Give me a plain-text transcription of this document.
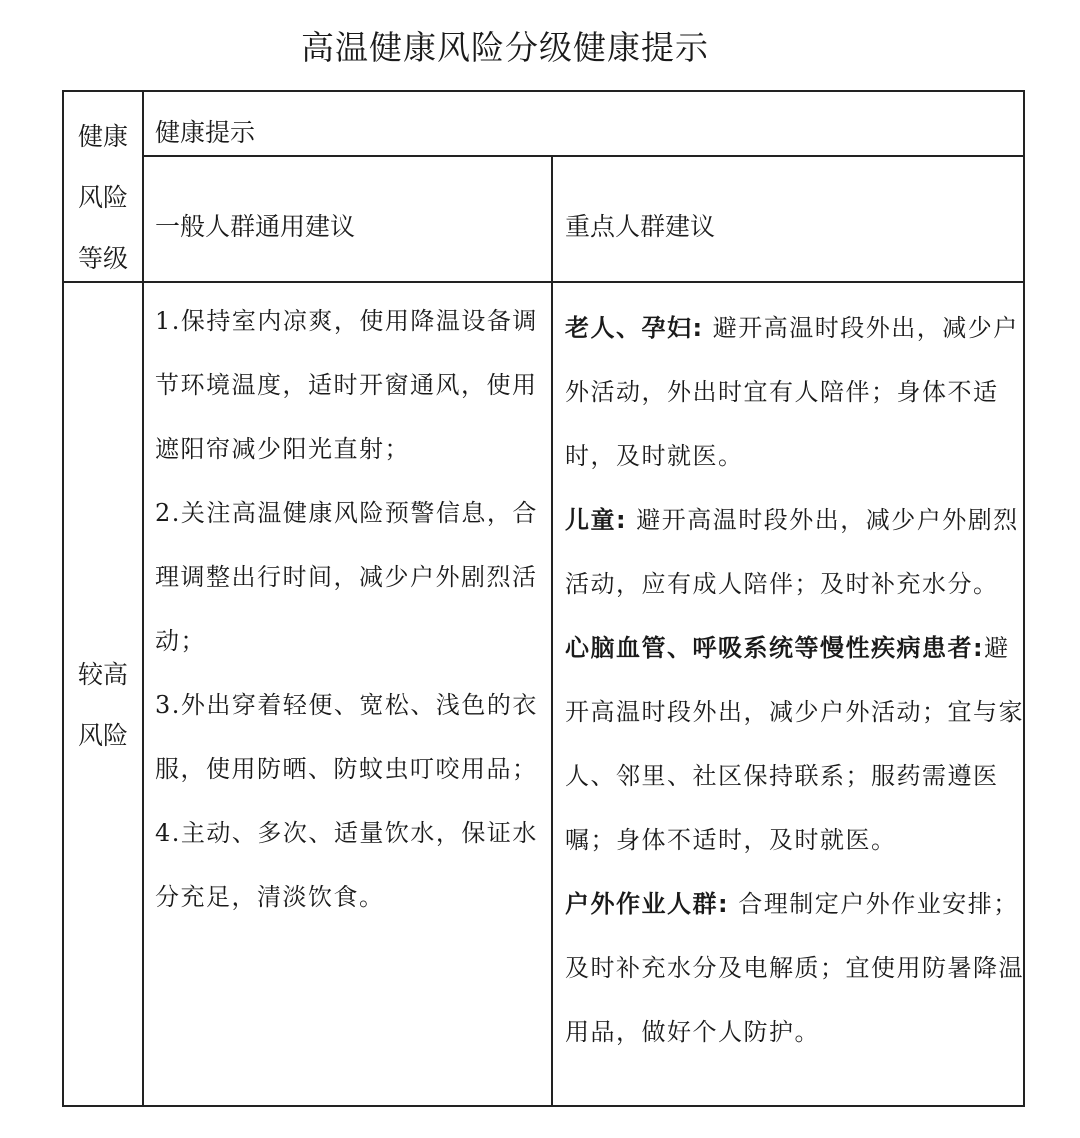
高温健康风险分级健康提示
健康
风险
等级
健康提示
一般人群通用建议	重点人群建议
较高
风险

1.保持室内凉爽，使用降温设备调节环境温度，适时开窗通风，使用遮阳帘减少阳光直射；

2.关注高温健康风险预警信息，合理调整出行时间，减少户外剧烈活动；

3.外出穿着轻便、宽松、浅色的衣服，使用防晒、防蚊虫叮咬用品；

4.主动、多次、适量饮水，保证水分充足，清淡饮食。

老人、孕妇: 避开高温时段外出，减少户外活动，外出时宜有人陪伴；身体不适时，及时就医。

儿童: 避开高温时段外出，减少户外剧烈活动，应有成人陪伴；及时补充水分。

心脑血管、呼吸系统等慢性疾病患者:避开高温时段外出，减少户外活动；宜与家人、邻里、社区保持联系；服药需遵医嘱；身体不适时，及时就医。

户外作业人群: 合理制定户外作业安排；及时补充水分及电解质；宜使用防暑降温用品，做好个人防护。
